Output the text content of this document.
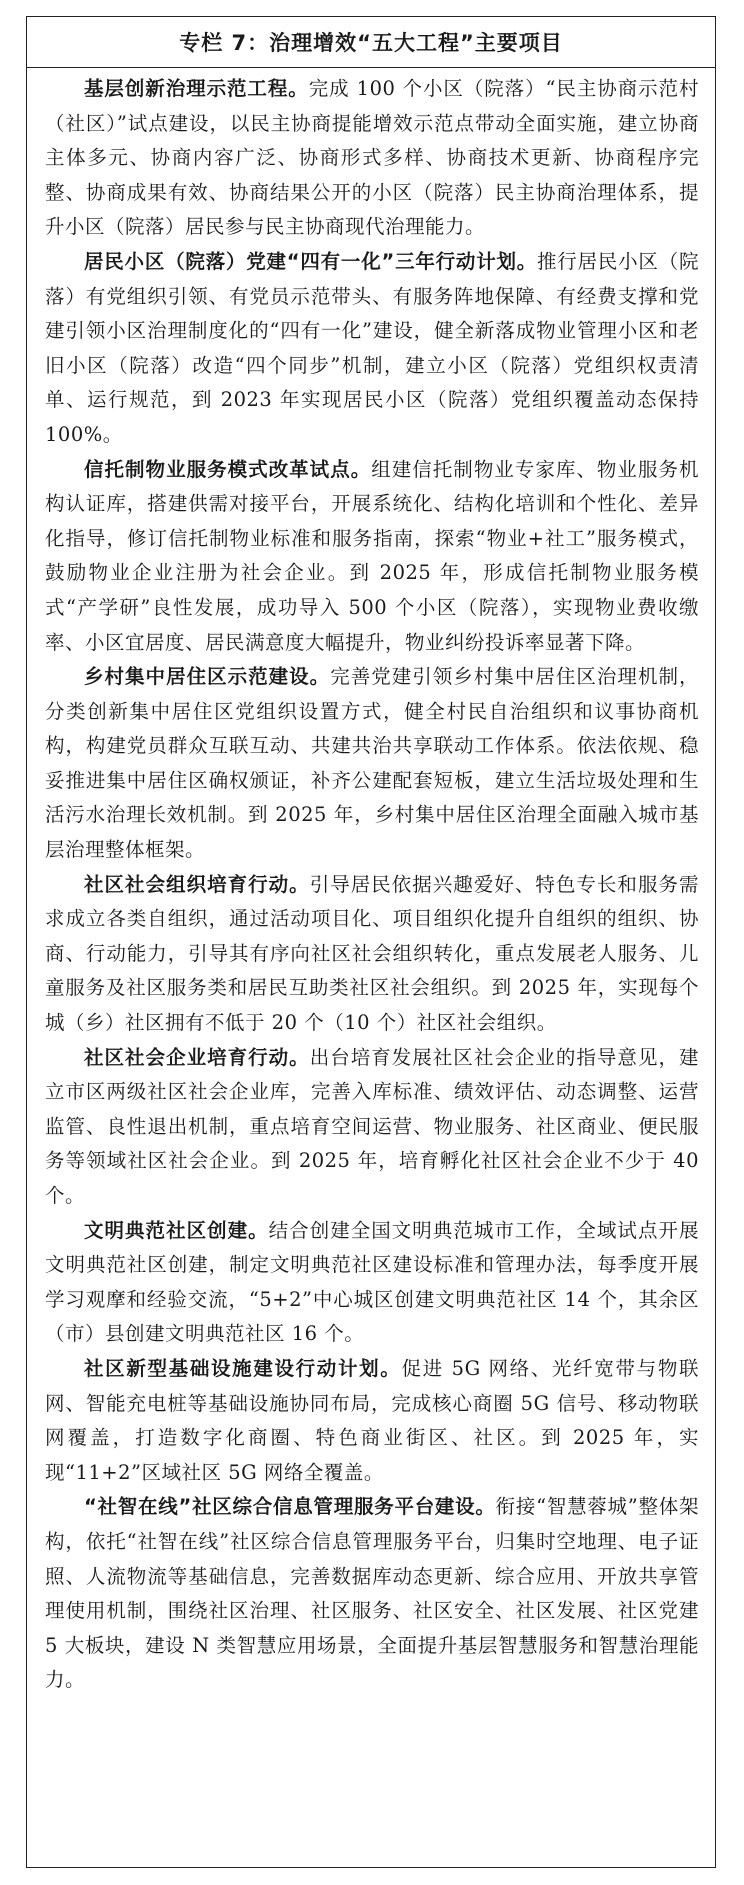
专栏 7：治理增效“五大工程”主要项目

基层创新治理示范工程。完成 100 个小区（院落）“民主协商示范村（社区）”试点建设，以民主协商提能增效示范点带动全面实施，建立协商主体多元、协商内容广泛、协商形式多样、协商技术更新、协商程序完整、协商成果有效、协商结果公开的小区（院落）民主协商治理体系，提升小区（院落）居民参与民主协商现代治理能力。

居民小区（院落）党建“四有一化”三年行动计划。推行居民小区（院落）有党组织引领、有党员示范带头、有服务阵地保障、有经费支撑和党建引领小区治理制度化的“四有一化”建设，健全新落成物业管理小区和老旧小区（院落）改造“四个同步”机制，建立小区（院落）党组织权责清单、运行规范，到 2023 年实现居民小区（院落）党组织覆盖动态保持 100%。

信托制物业服务模式改革试点。组建信托制物业专家库、物业服务机构认证库，搭建供需对接平台，开展系统化、结构化培训和个性化、差异化指导，修订信托制物业标准和服务指南，探索“物业+社工”服务模式，鼓励物业企业注册为社会企业。到 2025 年，形成信托制物业服务模式“产学研”良性发展，成功导入 500 个小区（院落），实现物业费收缴率、小区宜居度、居民满意度大幅提升，物业纠纷投诉率显著下降。

乡村集中居住区示范建设。完善党建引领乡村集中居住区治理机制，分类创新集中居住区党组织设置方式，健全村民自治组织和议事协商机构，构建党员群众互联互动、共建共治共享联动工作体系。依法依规、稳妥推进集中居住区确权颁证，补齐公建配套短板，建立生活垃圾处理和生活污水治理长效机制。到 2025 年，乡村集中居住区治理全面融入城市基层治理整体框架。

社区社会组织培育行动。引导居民依据兴趣爱好、特色专长和服务需求成立各类自组织，通过活动项目化、项目组织化提升自组织的组织、协商、行动能力，引导其有序向社区社会组织转化，重点发展老人服务、儿童服务及社区服务类和居民互助类社区社会组织。到 2025 年，实现每个城（乡）社区拥有不低于 20 个（10 个）社区社会组织。

社区社会企业培育行动。出台培育发展社区社会企业的指导意见，建立市区两级社区社会企业库，完善入库标准、绩效评估、动态调整、运营监管、良性退出机制，重点培育空间运营、物业服务、社区商业、便民服务等领域社区社会企业。到 2025 年，培育孵化社区社会企业不少于 40 个。

文明典范社区创建。结合创建全国文明典范城市工作，全域试点开展文明典范社区创建，制定文明典范社区建设标准和管理办法，每季度开展学习观摩和经验交流，“5+2”中心城区创建文明典范社区 14 个，其余区（市）县创建文明典范社区 16 个。

社区新型基础设施建设行动计划。促进 5G 网络、光纤宽带与物联网、智能充电桩等基础设施协同布局，完成核心商圈 5G 信号、移动物联网覆盖，打造数字化商圈、特色商业街区、社区。到 2025 年，实现“11+2”区域社区 5G 网络全覆盖。

“社智在线”社区综合信息管理服务平台建设。衔接“智慧蓉城”整体架构，依托“社智在线”社区综合信息管理服务平台，归集时空地理、电子证照、人流物流等基础信息，完善数据库动态更新、综合应用、开放共享管理使用机制，围绕社区治理、社区服务、社区安全、社区发展、社区党建 5 大板块，建设 N 类智慧应用场景，全面提升基层智慧服务和智慧治理能力。
